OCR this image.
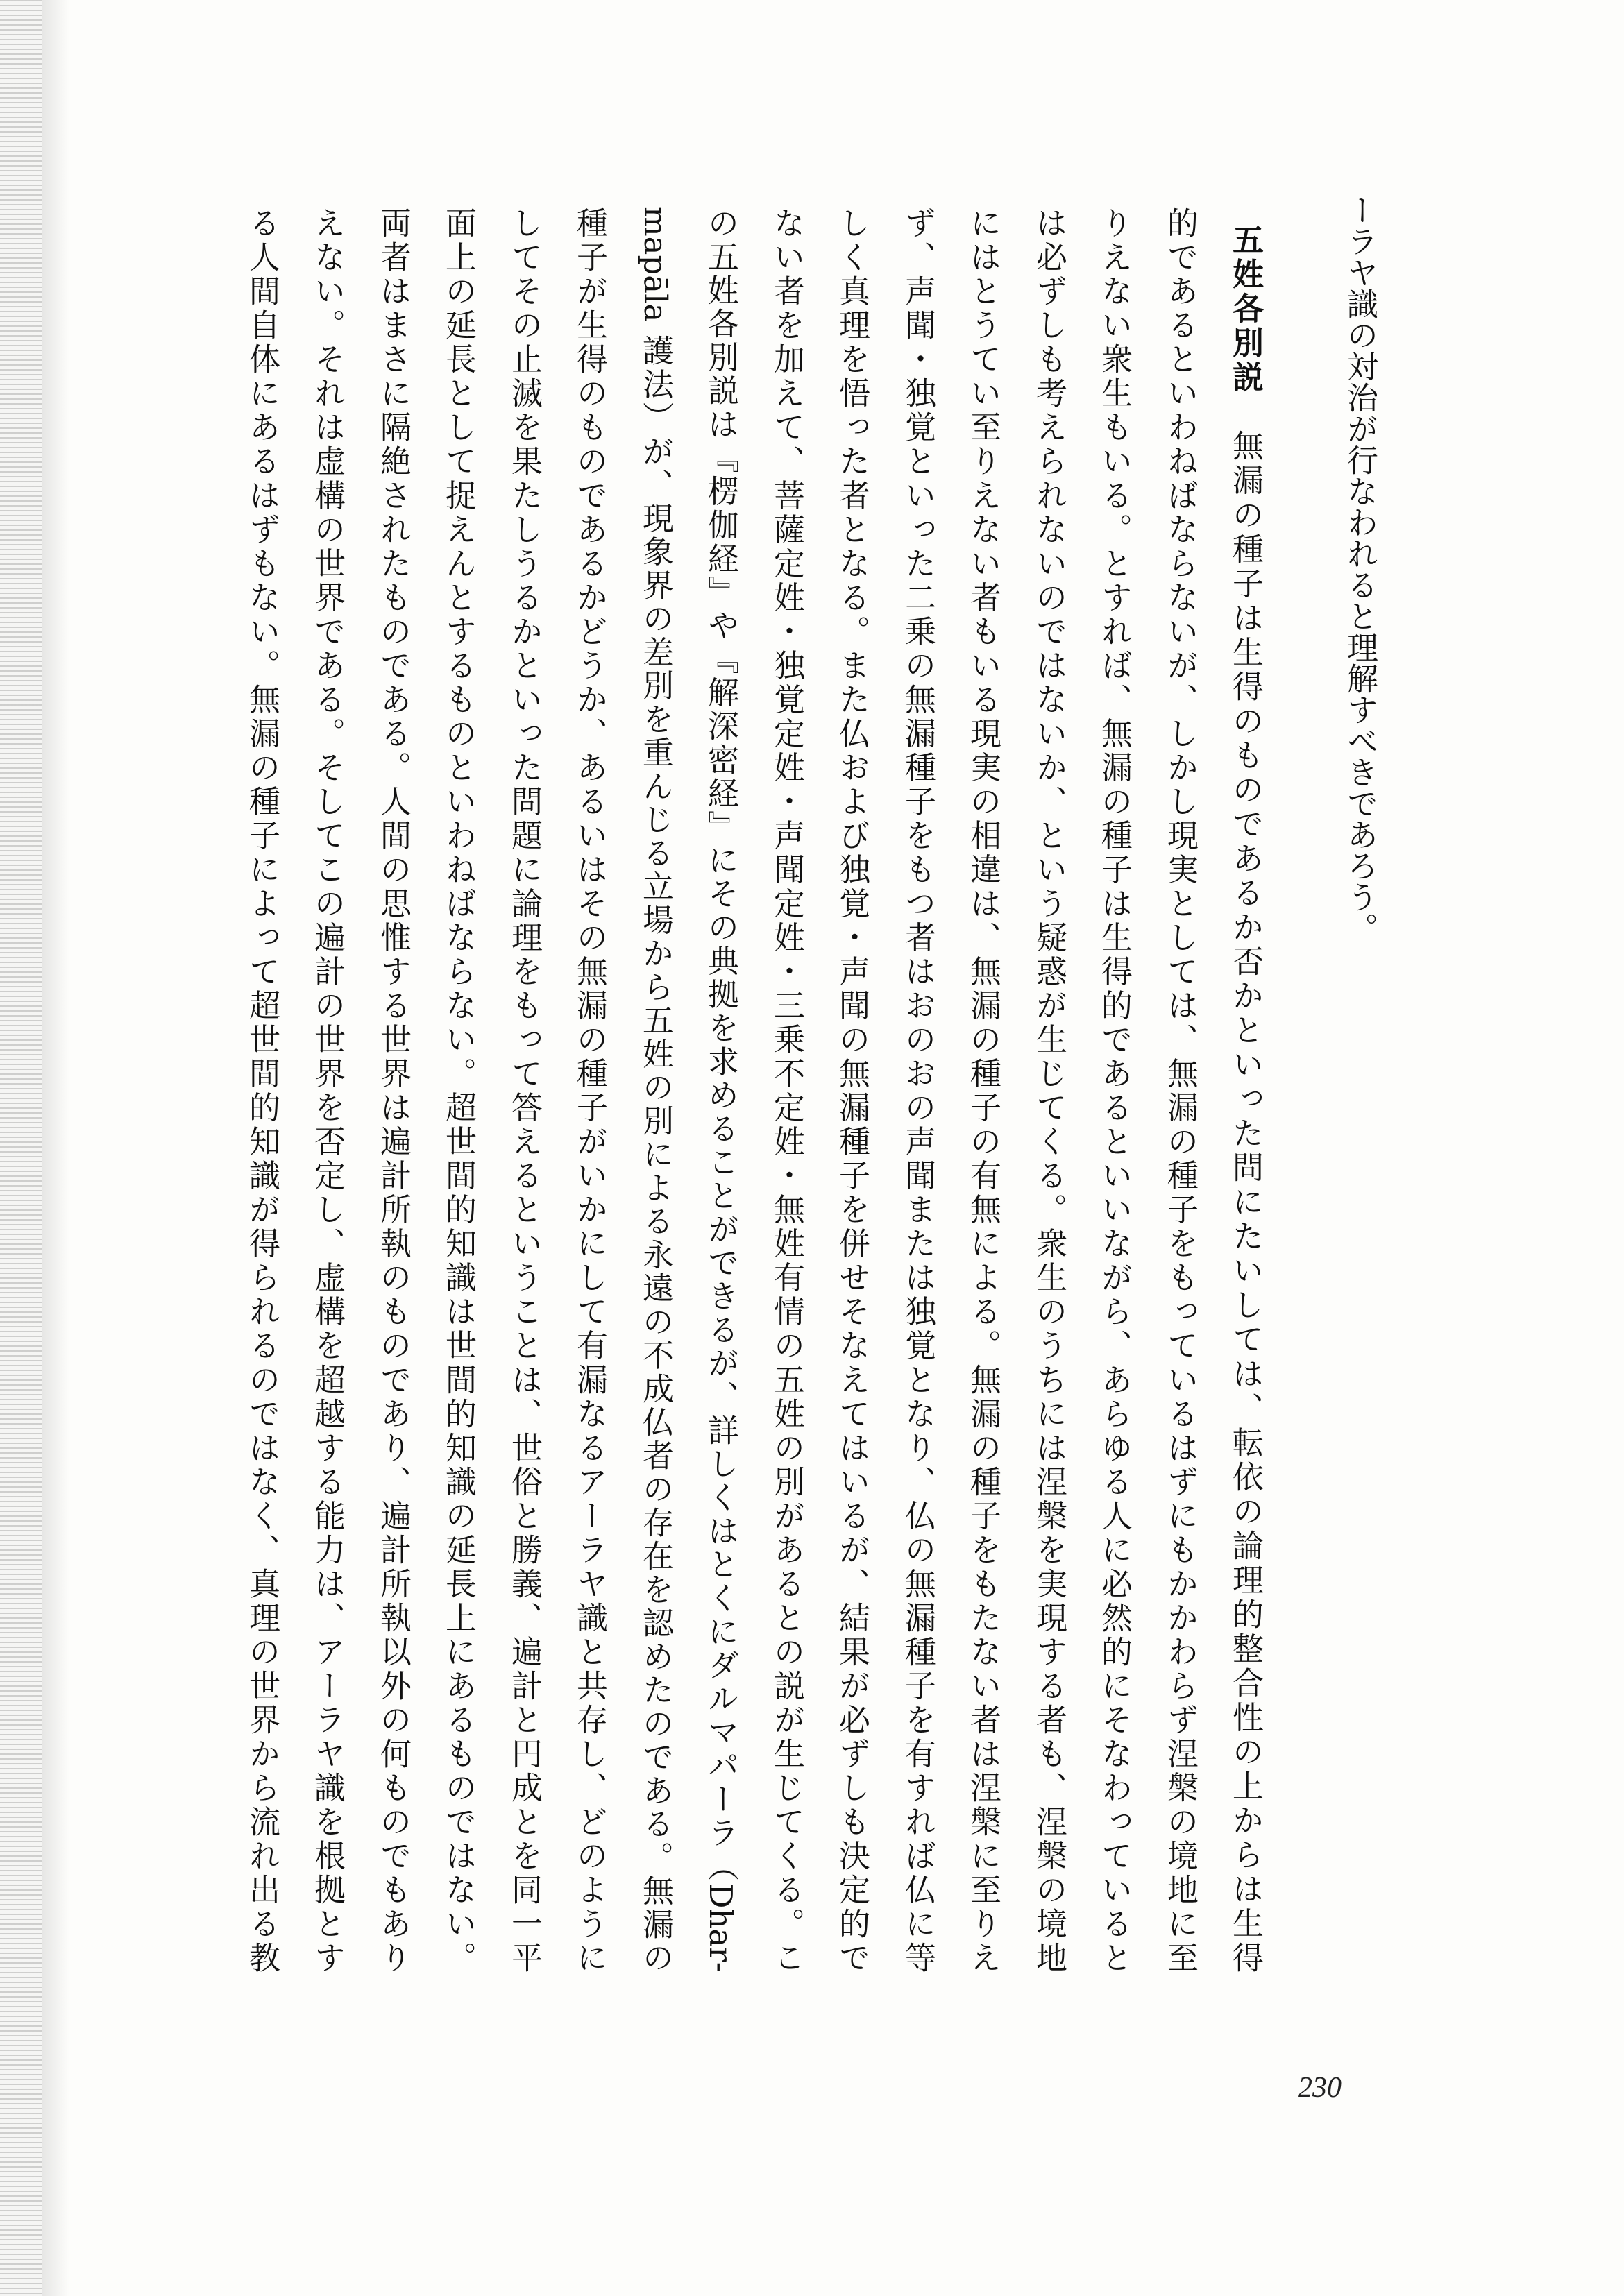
ーラヤ識の対治が行なわれると理解すべきであろう。
五姓各別説　無漏の種子は生得のものであるか否かといった問にたいしては、転依の論理的整合性の上からは生得
的であるといわねばならないが、しかし現実としては、無漏の種子をもっているはずにもかかわらず涅槃の境地に至
りえない衆生もいる。とすれば、無漏の種子は生得的であるといいながら、あらゆる人に必然的にそなわっていると
は必ずしも考えられないのではないか、という疑惑が生じてくる。衆生のうちには涅槃を実現する者も、涅槃の境地
にはとうてい至りえない者もいる現実の相違は、無漏の種子の有無による。無漏の種子をもたない者は涅槃に至りえ
ず、声聞・独覚といった二乗の無漏種子をもつ者はおのおの声聞または独覚となり、仏の無漏種子を有すれば仏に等
しく真理を悟った者となる。また仏および独覚・声聞の無漏種子を併せそなえてはいるが、結果が必ずしも決定的で
ない者を加えて、菩薩定姓・独覚定姓・声聞定姓・三乗不定姓・無姓有情の五姓の別があるとの説が生じてくる。こ
の五姓各別説は『楞伽経』や『解深密経』にその典拠を求めることができるが、詳しくはとくにダルマパーラ（Dhar-
mapāla 護法）が、現象界の差別を重んじる立場から五姓の別による永遠の不成仏者の存在を認めたのである。無漏の
種子が生得のものであるかどうか、あるいはその無漏の種子がいかにして有漏なるアーラヤ識と共存し、どのように
してその止滅を果たしうるかといった問題に論理をもって答えるということは、世俗と勝義、遍計と円成とを同一平
面上の延長として捉えんとするものといわねばならない。超世間的知識は世間的知識の延長上にあるものではない。
両者はまさに隔絶されたものである。人間の思惟する世界は遍計所執のものであり、遍計所執以外の何ものでもあり
えない。それは虚構の世界である。そしてこの遍計の世界を否定し、虚構を超越する能力は、アーラヤ識を根拠とす
る人間自体にあるはずもない。無漏の種子によって超世間的知識が得られるのではなく、真理の世界から流れ出る教
230
